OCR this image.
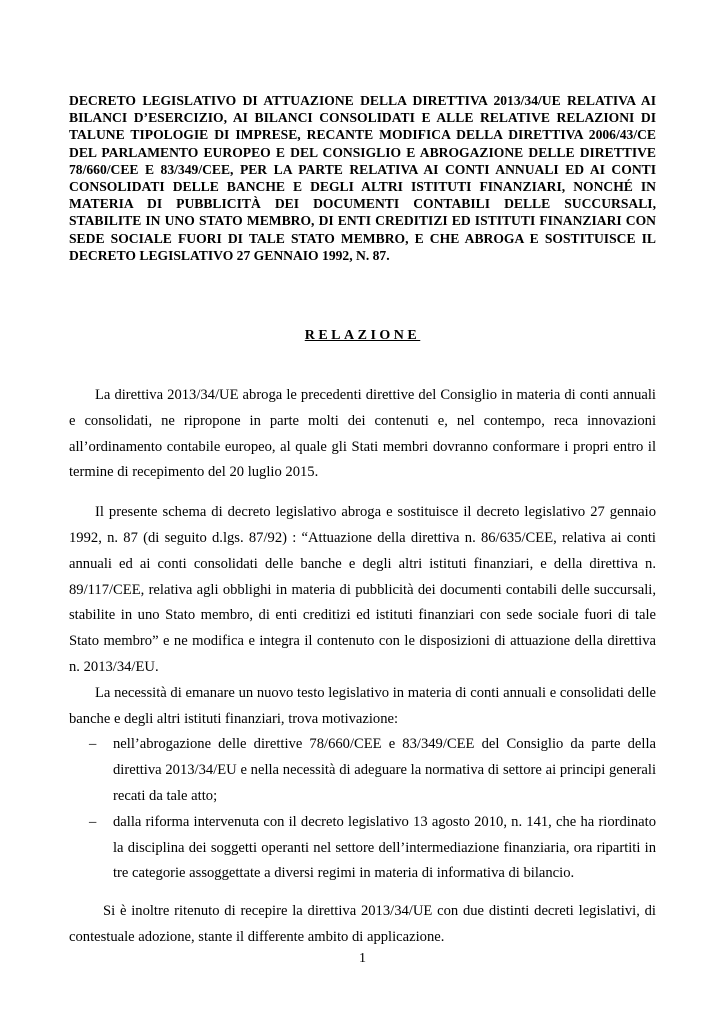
DECRETO LEGISLATIVO DI ATTUAZIONE DELLA DIRETTIVA 2013/34/UE RELATIVA AI BILANCI D’ESERCIZIO, AI BILANCI CONSOLIDATI E ALLE RELATIVE RELAZIONI DI TALUNE TIPOLOGIE DI IMPRESE, RECANTE MODIFICA DELLA DIRETTIVA 2006/43/CE DEL PARLAMENTO EUROPEO E DEL CONSIGLIO E ABROGAZIONE DELLE DIRETTIVE 78/660/CEE E 83/349/CEE, PER LA PARTE RELATIVA AI CONTI ANNUALI ED AI CONTI CONSOLIDATI DELLE BANCHE E DEGLI ALTRI ISTITUTI FINANZIARI, NONCHÉ IN MATERIA DI PUBBLICITÀ DEI DOCUMENTI CONTABILI DELLE SUCCURSALI, STABILITE IN UNO STATO MEMBRO, DI ENTI CREDITIZI ED ISTITUTI FINANZIARI CON SEDE SOCIALE FUORI DI TALE STATO MEMBRO, E CHE ABROGA E SOSTITUISCE IL DECRETO LEGISLATIVO 27 GENNAIO 1992, N. 87.

RELAZIONE

La direttiva 2013/34/UE abroga le precedenti direttive del Consiglio in materia di conti annuali e consolidati, ne ripropone in parte molti dei contenuti e, nel contempo, reca innovazioni all’ordinamento contabile europeo, al quale gli Stati membri dovranno conformare i propri entro il termine di recepimento del 20 luglio 2015.

Il presente schema di decreto legislativo abroga e sostituisce il decreto legislativo 27 gennaio 1992, n. 87 (di seguito d.lgs. 87/92) : “Attuazione della direttiva n. 86/635/CEE, relativa ai conti annuali ed ai conti consolidati delle banche e degli altri istituti finanziari, e della direttiva n. 89/117/CEE, relativa agli obblighi in materia di pubblicità dei documenti contabili delle succursali, stabilite in uno Stato membro, di enti creditizi ed istituti finanziari con sede sociale fuori di tale Stato membro” e ne modifica e integra il contenuto con le disposizioni di attuazione della direttiva n. 2013/34/EU.

La necessità di emanare un nuovo testo legislativo in materia di conti annuali e consolidati delle banche e degli altri istituti finanziari, trova motivazione:

– nell’abrogazione delle direttive 78/660/CEE e 83/349/CEE del Consiglio da parte della direttiva 2013/34/EU e nella necessità di adeguare la normativa di settore ai principi generali recati da tale atto;
– dalla riforma intervenuta con il decreto legislativo 13 agosto 2010, n. 141, che ha riordinato la disciplina dei soggetti operanti nel settore dell’intermediazione finanziaria, ora ripartiti in tre categorie assoggettate a diversi regimi in materia di informativa di bilancio.

Si è inoltre ritenuto di recepire la direttiva 2013/34/UE con due distinti decreti legislativi, di contestuale adozione, stante il differente ambito di applicazione.

1
